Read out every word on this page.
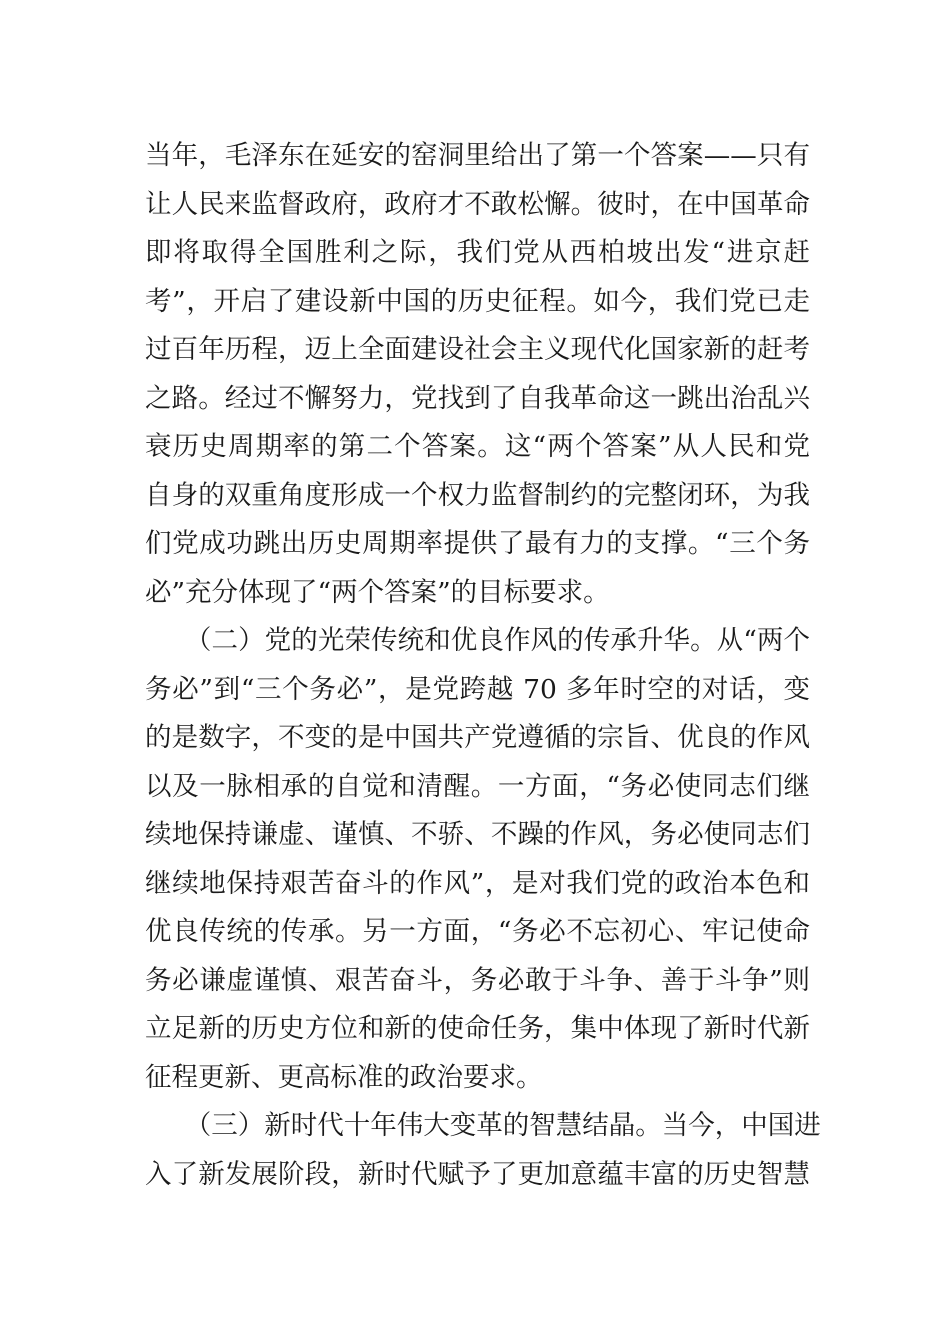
当年，毛泽东在延安的窑洞里给出了第一个答案——只有
让人民来监督政府，政府才不敢松懈。彼时，在中国革命
即将取得全国胜利之际，我们党从西柏坡出发“进京赶
考”，开启了建设新中国的历史征程。如今，我们党已走
过百年历程，迈上全面建设社会主义现代化国家新的赶考
之路。经过不懈努力，党找到了自我革命这一跳出治乱兴
衰历史周期率的第二个答案。这“两个答案”从人民和党
自身的双重角度形成一个权力监督制约的完整闭环，为我
们党成功跳出历史周期率提供了最有力的支撑。“三个务
必”充分体现了“两个答案”的目标要求。
　　（二）党的光荣传统和优良作风的传承升华。从“两个
务必”到“三个务必”，是党跨越 70 多年时空的对话，变
的是数字，不变的是中国共产党遵循的宗旨、优良的作风
以及一脉相承的自觉和清醒。一方面，“务必使同志们继
续地保持谦虚、谨慎、不骄、不躁的作风，务必使同志们
继续地保持艰苦奋斗的作风”，是对我们党的政治本色和
优良传统的传承。另一方面，“务必不忘初心、牢记使命
务必谦虚谨慎、艰苦奋斗，务必敢于斗争、善于斗争”则
立足新的历史方位和新的使命任务，集中体现了新时代新
征程更新、更高标准的政治要求。
　　（三）新时代十年伟大变革的智慧结晶。当今，中国进
入了新发展阶段，新时代赋予了更加意蕴丰富的历史智慧
